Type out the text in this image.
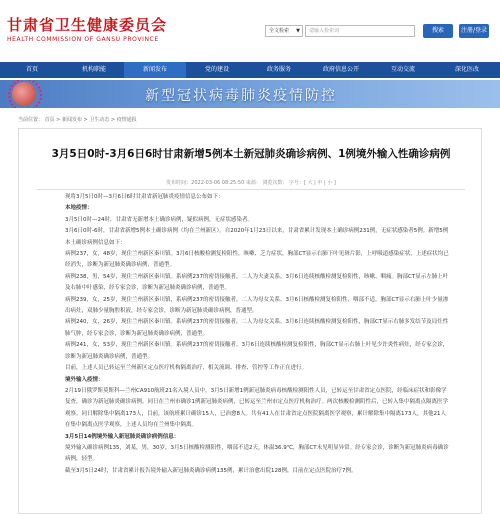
甘肃省卫生健康委员会
HEALTH COMMISSION OF GANSU PROVINCE
全文检索 ▼	请输入检索词	搜索	注册/登录
首页	机构职能	新闻发布	党的建设	政务服务	政府信息公开	互动交流	深化医改
新型冠状病毒肺炎疫情防控
当前位置： 首页 > 新闻发布 > 卫生动态 > 疫情通报
3月5日0时-3月6日6时甘肃新增5例本土新冠肺炎确诊病例、1例境外输入性确诊病例
发布时间：2022-03-06 08:25:50 来源： 浏览次数： 字号：[ 大 | 中 | 小 ]

现将3月5日0时—3月6日6时甘肃省新冠肺炎疫情信息公布如下：

本地疫情：

3月5日0时—24时，甘肃省无新增本土确诊病例，疑似病例，无症状感染者。

3月6日0时-6时，甘肃省新增5例本土确诊病例（均在兰州新区）。自2020年1月23日以来，甘肃省累计发现本土确诊病例231例，无症状感染者5例。新增5例本土确诊病例信息如下：

病例237，女，48岁，现住兰州新区秦川镇。3月6日核酸检测复检阳性，咳嗽、乏力症状，胸部CT显示右肺下叶见斑片影，上呼吸道感染症状，上述症状均已经消失，诊断为新冠肺炎确诊病例，普通型。

病例238，男，54岁，现住兰州新区秦川镇。系病例237的密切接触者，二人为夫妻关系。3月6日连续核酸检测复检阳性，咳嗽、咽痛。胸部CT显示左肺上叶及右肺中叶感染，经专家会诊，诊断为新冠肺炎确诊病例，普通型。

病例239，女，25岁，现住兰州新区秦川镇，系病例237的密切接触者，二人为母女关系。3月6日核酸检测复检阳性，咽部不适。胸部CT显示右肺上叶少量渗出病灶，双肺少量胸腔积液，经专家会诊，诊断为新冠肺炎确诊病例，普通型。

病例240，女，26岁，现住兰州新区秦川镇。系病例237的密切接触者，二人为母女关系。3月6日连续核酸检测复检阳性，胸部CT显示右肺多发结节及局灶性肺气肿，经专家会诊，诊断为新冠肺炎确诊病例，普通型。

病例241，女，53岁，现住兰州新区秦川镇。系病例237的密切接触者。3月6日连续核酸检测复检阳性，胸部CT显示右肺上叶见少许炎性病灶，经专家会诊，诊断为新冠肺炎确诊病例，普通型。

目前，上述人员已转运至兰州新区定点医疗机构隔离治疗，相关流调、排查、管控等工作正在进行。

境外输入疫情：

2月19日俄罗斯莫斯科—兰州CA910航班21名入境人员中，3月5日新增1例新冠肺炎病毒核酸检测阳性人员，已转运至甘肃省定点医院，经临床症状和影像学复查，确诊为新冠肺炎确诊病例。同日在兰州市确诊1例新冠肺炎病例，已转运至兰州市定点医疗机构治疗。两次核酸检测阴性后，已转入集中隔离点隔离医学观察。同日解除集中隔离173人，目前，该航班累计确诊15人，已治愈8人。共有41人在甘肃省定点医院隔离医学观察，累计解除集中隔离173人，其他21人在集中隔离点医学观察，上述人员均在兰州集中隔离。

3月5日14例境外输入新冠肺炎确诊病例信息：

境外输入确诊病例135，刘某，男，30岁，3月5日核酸检测阳性，咽部不适2天，体温36.9℃，胸部CT未见明显异常。经专家会诊，诊断为新冠肺炎病毒确诊病例，轻型。

截至3月5日24时，甘肃省累计报告境外输入新冠肺炎确诊病例135例，累计治愈出院128例，目前在定点医院治疗7例。
